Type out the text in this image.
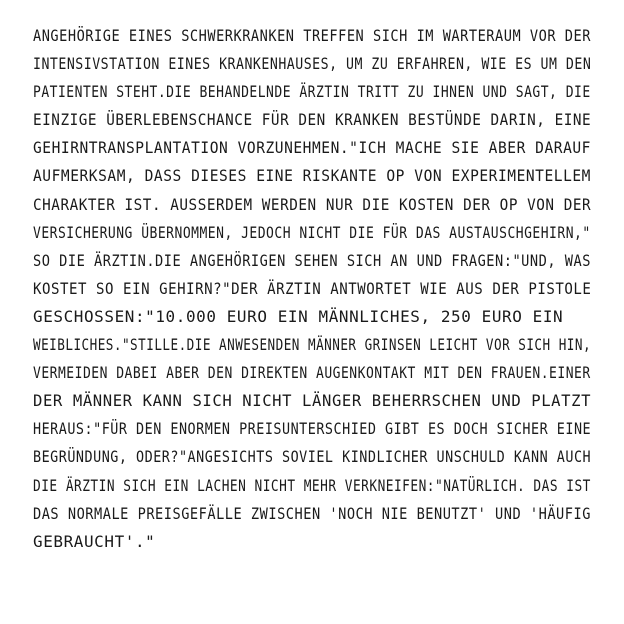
ANGEHÖRIGE EINES SCHWERKRANKEN TREFFEN SICH IM WARTERAUM VOR DER
INTENSIVSTATION EINES KRANKENHAUSES, UM ZU ERFAHREN, WIE ES UM DEN
PATIENTEN STEHT.DIE BEHANDELNDE ÄRZTIN TRITT ZU IHNEN UND SAGT, DIE
EINZIGE ÜBERLEBENSCHANCE FÜR DEN KRANKEN BESTÜNDE DARIN, EINE
GEHIRNTRANSPLANTATION VORZUNEHMEN."ICH MACHE SIE ABER DARAUF
AUFMERKSAM, DASS DIESES EINE RISKANTE OP VON EXPERIMENTELLEM
CHARAKTER IST. AUSSERDEM WERDEN NUR DIE KOSTEN DER OP VON DER
VERSICHERUNG ÜBERNOMMEN, JEDOCH NICHT DIE FÜR DAS AUSTAUSCHGEHIRN,"
SO DIE ÄRZTIN.DIE ANGEHÖRIGEN SEHEN SICH AN UND FRAGEN:"UND, WAS
KOSTET SO EIN GEHIRN?"DER ÄRZTIN ANTWORTET WIE AUS DER PISTOLE
GESCHOSSEN:"10.000 EURO EIN MÄNNLICHES, 250 EURO EIN
WEIBLICHES."STILLE.DIE ANWESENDEN MÄNNER GRINSEN LEICHT VOR SICH HIN,
VERMEIDEN DABEI ABER DEN DIREKTEN AUGENKONTAKT MIT DEN FRAUEN.EINER
DER MÄNNER KANN SICH NICHT LÄNGER BEHERRSCHEN UND PLATZT
HERAUS:"FÜR DEN ENORMEN PREISUNTERSCHIED GIBT ES DOCH SICHER EINE
BEGRÜNDUNG, ODER?"ANGESICHTS SOVIEL KINDLICHER UNSCHULD KANN AUCH
DIE ÄRZTIN SICH EIN LACHEN NICHT MEHR VERKNEIFEN:"NATÜRLICH. DAS IST
DAS NORMALE PREISGEFÄLLE ZWISCHEN 'NOCH NIE BENUTZT' UND 'HÄUFIG
GEBRAUCHT'."
